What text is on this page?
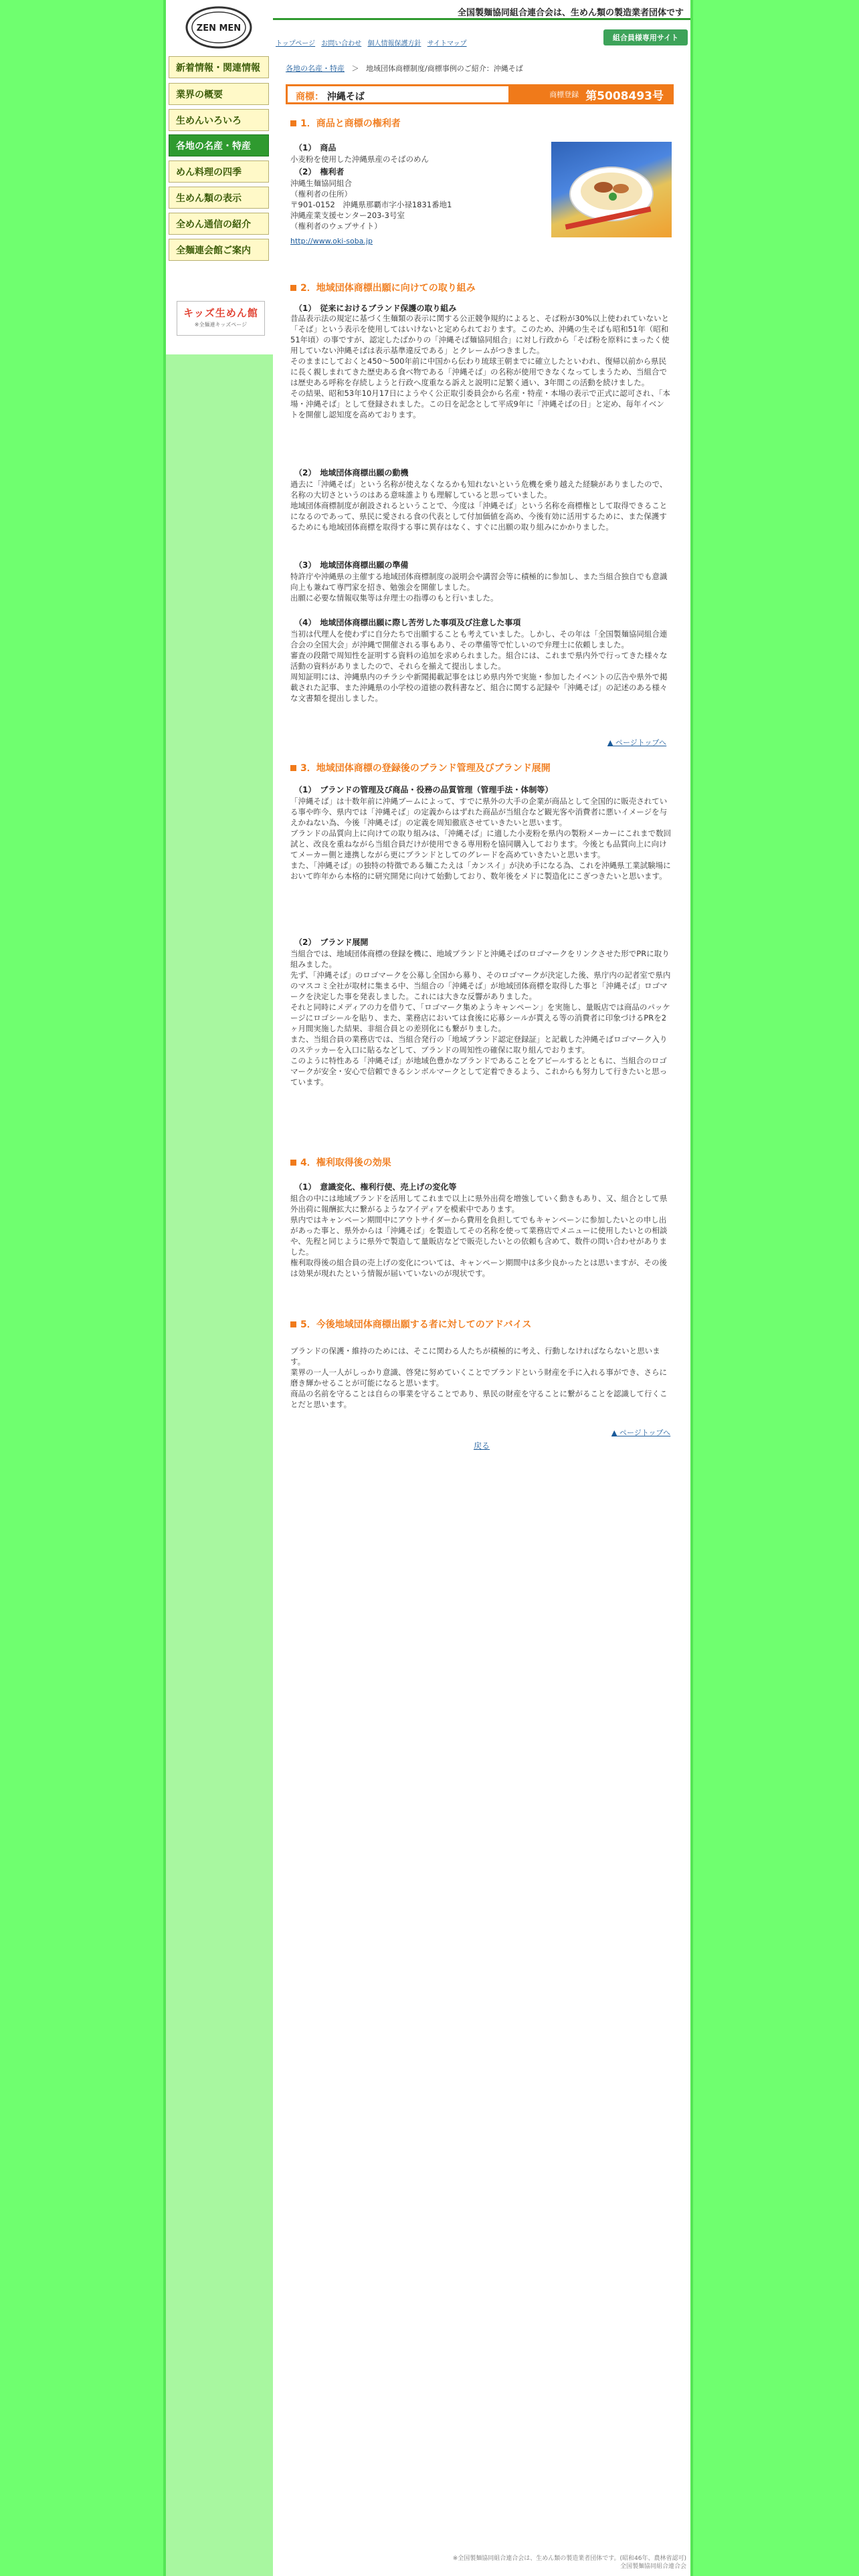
ZEN MEN
新着情報・関連情報
業界の概要
生めんいろいろ
各地の名産・特産
めん料理の四季
生めん類の表示
全めん通信の紹介
全麺連会館ご案内
キッズ生めん館
※全麺連キッズページ
全国製麺協同組合連合会は、生めん類の製造業者団体です
トップページ お問い合わせ 個人情報保護方針 サイトマップ
組合員様専用サイト
各地の名産・特産 ＞ 地域団体商標制度/商標事例のご紹介：沖縄そば
商標： 沖縄そば	商標登録 第5008493号
1．商品と商標の権利者
（1）　商品
小麦粉を使用した沖縄県産のそばのめん
（2）　権利者
沖縄生麺協同組合
（権利者の住所）
〒901-0152　沖縄県那覇市字小禄1831番地1
沖縄産業支援センター203-3号室
（権利者のウェブサイト）
http://www.oki-soba.jp
2．地域団体商標出願に向けての取り組み
（1）　従来におけるブランド保護の取り組み
昔品表示法の規定に基づく生麺類の表示に関する公正競争規約によると、そば粉が30%以上使われていないと「そば」という表示を使用してはいけないと定められております。このため、沖縄の生そばも昭和51年（昭和51年頃）の事ですが、認定したばかりの「沖縄そば麺協同組合」に対し行政から「そば粉を原料にまったく使用していない沖縄そばは表示基準違反である」とクレームがつきました。
そのままにしておくと450〜500年前に中国から伝わり琉球王朝までに確立したといわれ、復帰以前から県民に長く親しまれてきた歴史ある食べ物である「沖縄そば」の名称が使用できなくなってしまうため、当組合では歴史ある呼称を存続しようと行政へ度重なる訴えと説明に足繁く通い、3年間この活動を続けました。
その結果、昭和53年10月17日にようやく公正取引委員会から名産・特産・本場の表示で正式に認可され、「本場・沖縄そば」として登録されました。この日を記念として平成9年に「沖縄そばの日」と定め、毎年イベントを開催し認知度を高めております。
（2）　地域団体商標出願の動機
過去に「沖縄そば」という名称が使えなくなるかも知れないという危機を乗り越えた経験がありましたので、名称の大切さというのはある意味誰よりも理解していると思っていました。
地域団体商標制度が創設されるということで、今度は「沖縄そば」という名称を商標権として取得できることになるのであって、県民に愛される食の代表として付加価値を高め、今後有効に活用するために、また保護するためにも地域団体商標を取得する事に異存はなく、すぐに出願の取り組みにかかりました。
（3）　地域団体商標出願の準備
特許庁や沖縄県の主催する地域団体商標制度の説明会や講習会等に積極的に参加し、また当組合独自でも意識向上も兼ねて専門家を招き、勉強会を開催しました。
出願に必要な情報収集等は弁理士の指導のもと行いました。
（4）　地域団体商標出願に際し苦労した事項及び注意した事項
当初は代理人を使わずに自分たちで出願することも考えていました。しかし、その年は「全国製麺協同組合連合会の全国大会」が沖縄で開催される事もあり、その準備等で忙しいので弁理士に依頼しました。
審査の段階で周知性を証明する資料の追加を求められました。組合には、これまで県内外で行ってきた様々な活動の資料がありましたので、それらを揃えて提出しました。
周知証明には、沖縄県内のチラシや新聞掲載記事をはじめ県内外で実施・参加したイベントの広告や県外で掲載された記事、また沖縄県の小学校の道徳の教科書など、組合に関する記録や「沖縄そば」の記述のある様々な文書類を提出しました。
▲ ページトップへ
3．地域団体商標の登録後のブランド管理及びブランド展開
（1）　ブランドの管理及び商品・役務の品質管理（管理手法・体制等）
「沖縄そば」は十数年前に沖縄ブームによって、すでに県外の大手の企業が商品として全国的に販売されている事や昨今、県内では「沖縄そば」の定義からはずれた商品が当組合など観光客や消費者に悪いイメージを与えかねない為、今後「沖縄そば」の定義を周知徹底させていきたいと思います。
ブランドの品質向上に向けての取り組みは、「沖縄そば」に適した小麦粉を県内の製粉メーカーにこれまで数回試と、改良を重ねながら当組合員だけが使用できる専用粉を協同購入しております。今後とも品質向上に向けてメーカー側と連携しながら更にブランドとしてのグレードを高めていきたいと思います。
また、「沖縄そば」の独特の特徴である麺こたえは「カンスイ」が決め手になる為、これを沖縄県工業試験場において昨年から本格的に研究開発に向けて始動しており、数年後をメドに製造化にこぎつきたいと思います。
（2）　ブランド展開
当組合では、地域団体商標の登録を機に、地域ブランドと沖縄そばのロゴマークをリンクさせた形でPRに取り組みました。
先ず、「沖縄そば」のロゴマークを公募し全国から募り、そのロゴマークが決定した後、県庁内の記者室で県内のマスコミ全社が取材に集まる中、当組合の「沖縄そば」が地域団体商標を取得した事と「沖縄そば」ロゴマークを決定した事を発表しました。これには大きな反響がありました。
それと同時にメディアの力を借りて、「ロゴマーク集めようキャンペーン」を実施し、量販店では商品のパッケージにロゴシールを貼り、また、業務店においては食後に応募シールが貰える等の消費者に印象づけるPRを2ヶ月間実施した結果、非組合員との差別化にも繋がりました。
また、当組合員の業務店では、当組合発行の「地域ブランド認定登録証」と記載した沖縄そばロゴマーク入りのステッカーを入口に貼るなどして、ブランドの周知性の確保に取り組んでおります。
このように特性ある「沖縄そば」が地域色豊かなブランドであることをアピールするとともに、当組合のロゴマークが安全・安心で信頼できるシンボルマークとして定着できるよう、これからも努力して行きたいと思っています。
4．権利取得後の効果
（1）　意識変化、権利行使、売上げの変化等
組合の中には地域ブランドを活用してこれまで以上に県外出荷を増強していく動きもあり、又、組合として県外出荷に報酬拡大に繋がるようなアイディアを模索中であります。
県内ではキャンペーン期間中にアウトサイダーから費用を負担してでもキャンペーンに参加したいとの申し出があった事と、県外からは「沖縄そば」を製造してその名称を使って業務店でメニューに使用したいとの相談や、先程と同じように県外で製造して量販店などで販売したいとの依頼も含めて、数件の問い合わせがありました。
権利取得後の組合員の売上げの変化については、キャンペーン期間中は多少良かったとは思いますが、その後は効果が現れたという情報が届いていないのが現状です。
5．今後地域団体商標出願する者に対してのアドバイス
ブランドの保護・維持のためには、そこに関わる人たちが積極的に考え、行動しなければならないと思います。
業界の一人一人がしっかり意識、啓発に努めていくことでブランドという財産を手に入れる事ができ、さらに磨き輝かせることが可能になると思います。
商品の名前を守ることは自らの事業を守ることであり、県民の財産を守ることに繋がることを認識して行くことだと思います。
▲ ページトップへ
戻る
※全国製麺協同組合連合会は、生めん類の製造業者団体です。(昭和46年、農林省認可)
全国製麺協同組合連合会
